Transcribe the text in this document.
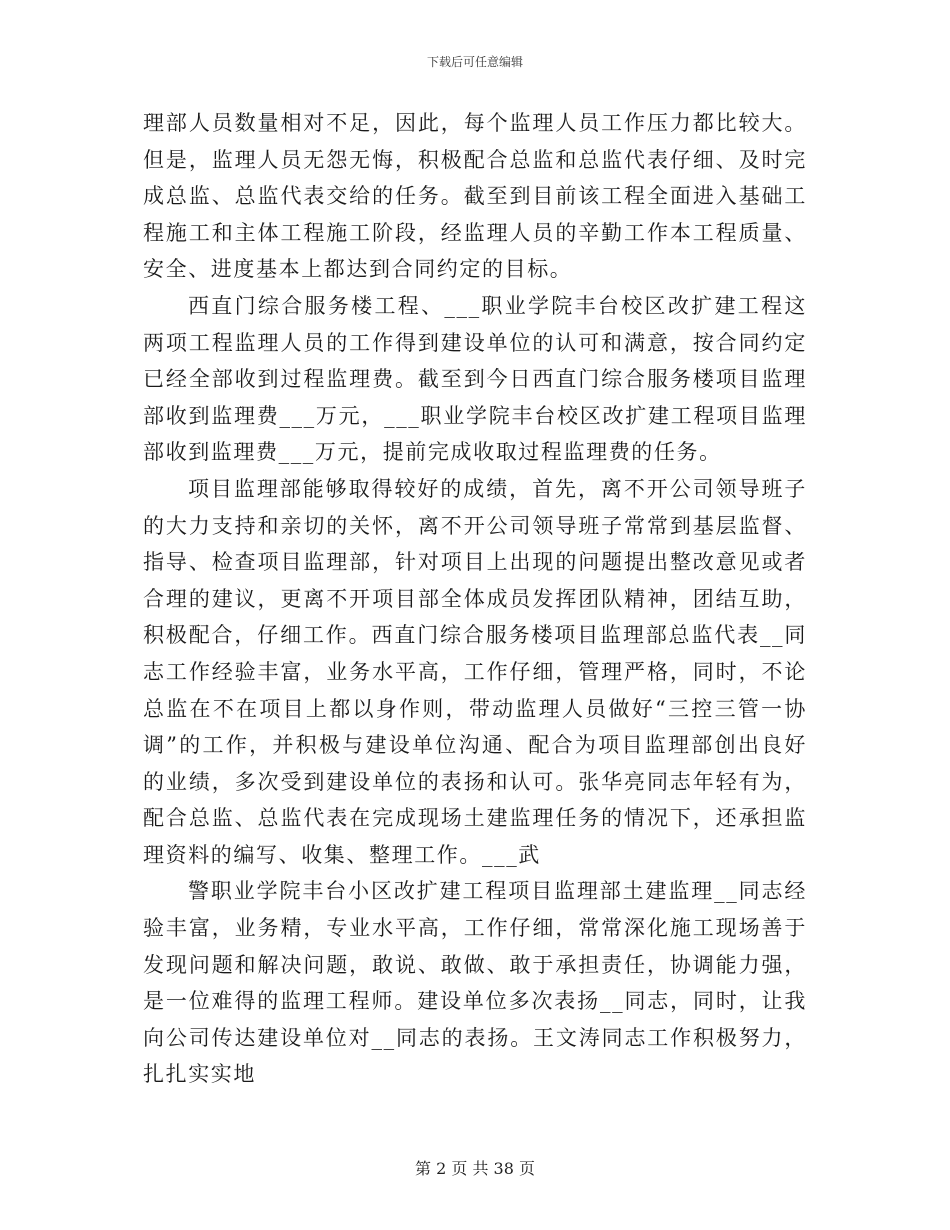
下载后可任意编辑

理部人员数量相对不足，因此，每个监理人员工作压力都比较大。但是，监理人员无怨无悔，积极配合总监和总监代表仔细、及时完成总监、总监代表交给的任务。截至到目前该工程全面进入基础工程施工和主体工程施工阶段，经监理人员的辛勤工作本工程质量、安全、进度基本上都达到合同约定的目标。

西直门综合服务楼工程、___职业学院丰台校区改扩建工程这两项工程监理人员的工作得到建设单位的认可和满意，按合同约定已经全部收到过程监理费。截至到今日西直门综合服务楼项目监理部收到监理费___万元，___职业学院丰台校区改扩建工程项目监理部收到监理费___万元，提前完成收取过程监理费的任务。

项目监理部能够取得较好的成绩，首先，离不开公司领导班子的大力支持和亲切的关怀，离不开公司领导班子常常到基层监督、指导、检查项目监理部，针对项目上出现的问题提出整改意见或者合理的建议，更离不开项目部全体成员发挥团队精神，团结互助，积极配合，仔细工作。西直门综合服务楼项目监理部总监代表__同志工作经验丰富，业务水平高，工作仔细，管理严格，同时，不论总监在不在项目上都以身作则，带动监理人员做好“三控三管一协调”的工作，并积极与建设单位沟通、配合为项目监理部创出良好的业绩，多次受到建设单位的表扬和认可。张华亮同志年轻有为，配合总监、总监代表在完成现场土建监理任务的情况下，还承担监理资料的编写、收集、整理工作。___武

警职业学院丰台小区改扩建工程项目监理部土建监理__同志经验丰富，业务精，专业水平高，工作仔细，常常深化施工现场善于发现问题和解决问题，敢说、敢做、敢于承担责任，协调能力强，是一位难得的监理工程师。建设单位多次表扬__同志，同时，让我向公司传达建设单位对__同志的表扬。王文涛同志工作积极努力，扎扎实实地

第 2 页 共 38 页
